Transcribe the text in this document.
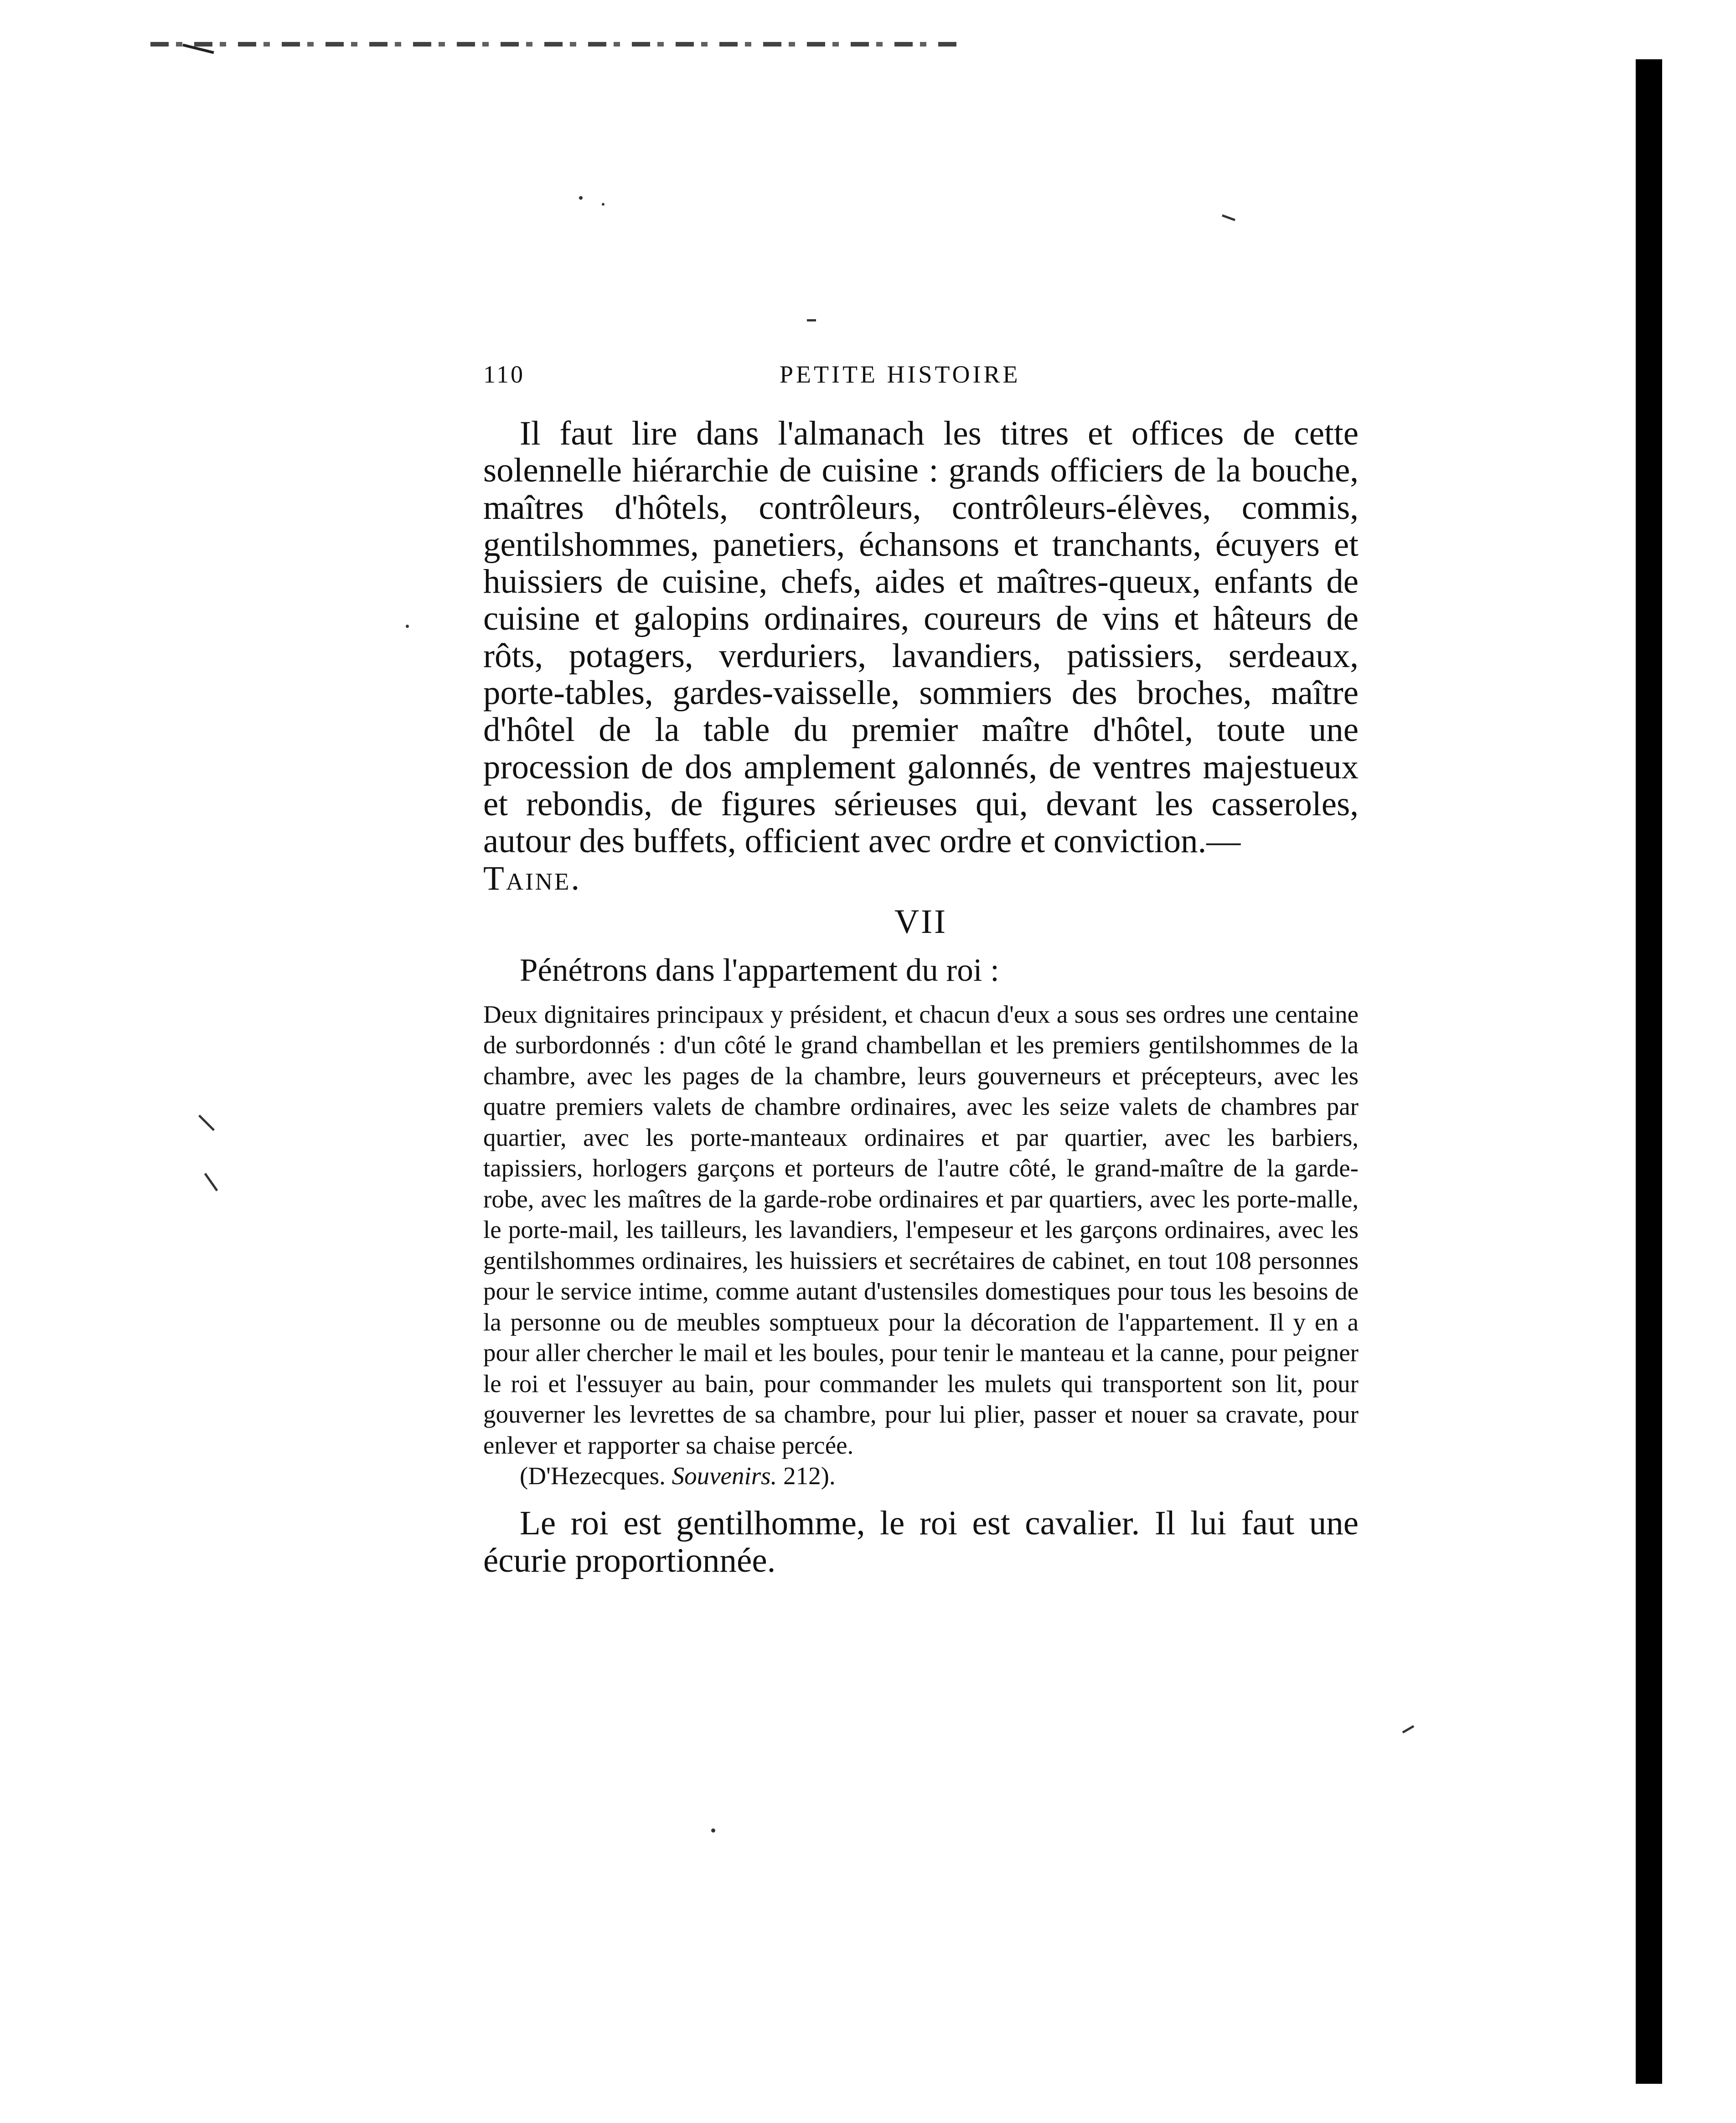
110	PETITE HISTOIRE

Il faut lire dans l'almanach les titres et offices de cette solennelle hiérarchie de cuisine : grands officiers de la bouche, maîtres d'hôtels, contrôleurs, contrôleurs-élèves, commis, gentilshommes, panetiers, échansons et tranchants, écuyers et huissiers de cuisine, chefs, aides et maîtres-queux, enfants de cuisine et galopins ordinaires, coureurs de vins et hâteurs de rôts, potagers, verduriers, lavandiers, patissiers, serdeaux, porte-tables, gardes-vaisselle, sommiers des broches, maître d'hôtel de la table du premier maître d'hôtel, toute une procession de dos amplement galonnés, de ventres majestueux et rebondis, de figures sérieuses qui, devant les casseroles, autour des buffets, officient avec ordre et conviction.—
Taine.

VII

Pénétrons dans l'appartement du roi :

Deux dignitaires principaux y président, et chacun d'eux a sous ses ordres une centaine de surbordonnés : d'un côté le grand chambellan et les premiers gentilshommes de la chambre, avec les pages de la chambre, leurs gouverneurs et précepteurs, avec les quatre premiers valets de chambre ordinaires, avec les seize valets de chambres par quartier, avec les porte-manteaux ordinaires et par quartier, avec les barbiers, tapissiers, horlogers garçons et porteurs de l'autre côté, le grand-maître de la garde-robe, avec les maîtres de la garde-robe ordinaires et par quartiers, avec les porte-malle, le porte-mail, les tailleurs, les lavandiers, l'empeseur et les garçons ordinaires, avec les gentilshommes ordinaires, les huissiers et secrétaires de cabinet, en tout 108 personnes pour le service intime, comme autant d'ustensiles domestiques pour tous les besoins de la personne ou de meubles somptueux pour la décoration de l'appartement. Il y en a pour aller chercher le mail et les boules, pour tenir le manteau et la canne, pour peigner le roi et l'essuyer au bain, pour commander les mulets qui transportent son lit, pour gouverner les levrettes de sa chambre, pour lui plier, passer et nouer sa cravate, pour enlever et rapporter sa chaise percée.

(D'Hezecques. Souvenirs. 212).

Le roi est gentilhomme, le roi est cavalier. Il lui faut une écurie proportionnée.
